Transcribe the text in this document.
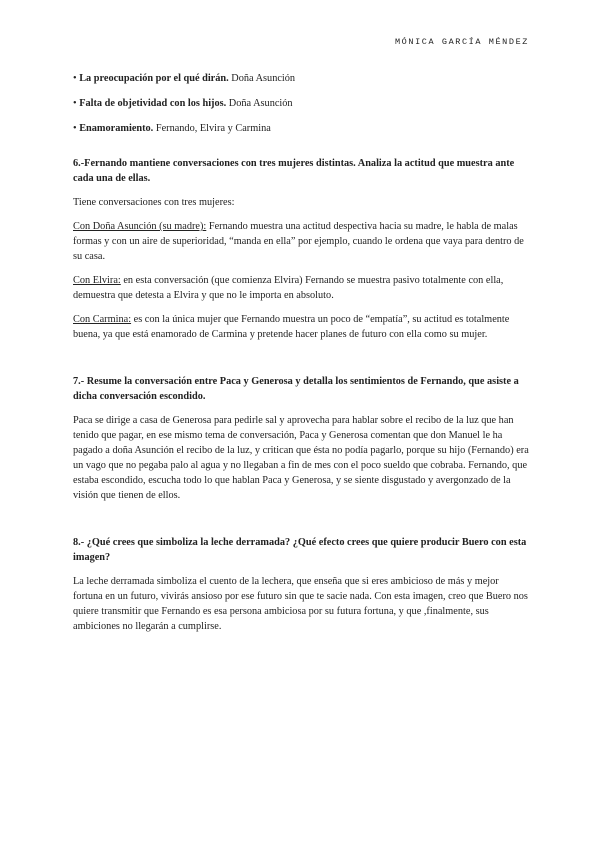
MÓNICA GARCÍA MÉNDEZ

• La preocupación por el qué dirán. Doña Asunción

• Falta de objetividad con los hijos. Doña Asunción

• Enamoramiento. Fernando, Elvira y Carmina

6.-Fernando mantiene conversaciones con tres mujeres distintas. Analiza la actitud que muestra ante cada una de ellas.

Tiene conversaciones con tres mujeres:

Con Doña Asunción (su madre): Fernando muestra una actitud despectiva hacia su madre, le habla de malas formas y con un aire de superioridad, “manda en ella” por ejemplo, cuando le ordena que vaya para dentro de su casa.

Con Elvira: en esta conversación (que comienza Elvira) Fernando se muestra pasivo totalmente con ella, demuestra que detesta a Elvira y que no le importa en absoluto.

Con Carmina: es con la única mujer que Fernando muestra un poco de “empatía”, su actitud es totalmente buena, ya que está enamorado de Carmina y pretende hacer planes de futuro con ella como su mujer.

7.- Resume la conversación entre Paca y Generosa y detalla los sentimientos de Fernando, que asiste a dicha conversación escondido.

Paca se dirige a casa de Generosa para pedirle sal y aprovecha para hablar sobre el recibo de la luz que han tenido que pagar, en ese mismo tema de conversación, Paca y Generosa comentan que don Manuel le ha pagado a doña Asunción el recibo de la luz, y critican que ésta no podía pagarlo, porque su hijo (Fernando) era un vago que no pegaba palo al agua y no llegaban a fin de mes con el poco sueldo que cobraba. Fernando, que estaba escondido, escucha todo lo que hablan Paca y Generosa, y se siente disgustado y avergonzado de la visión que tienen de ellos.

8.- ¿Qué crees que simboliza la leche derramada? ¿Qué efecto crees que quiere producir Buero con esta imagen?

La leche derramada simboliza el cuento de la lechera, que enseña que si eres ambicioso de más y mejor fortuna en un futuro, vivirás ansioso por ese futuro sin que te sacie nada. Con esta imagen, creo que Buero nos quiere transmitir que Fernando es esa persona ambiciosa por su futura fortuna, y que ,finalmente, sus ambiciones no llegarán a cumplirse.
